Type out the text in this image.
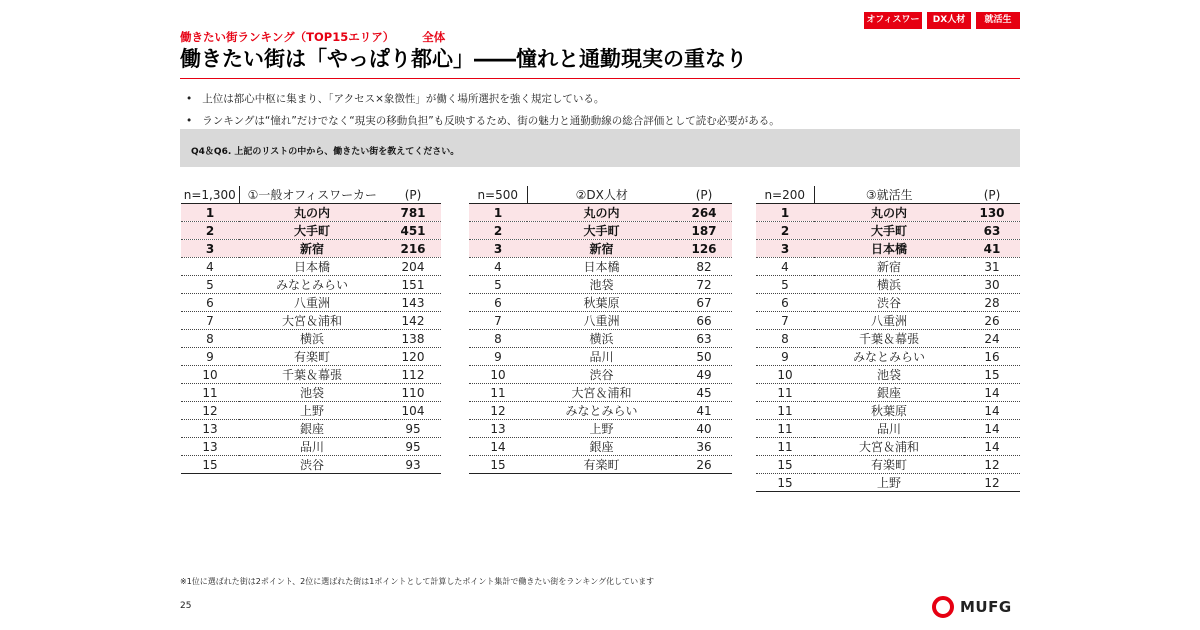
オフィスワーカー
DX人材	就活生
働きたい街ランキング（TOP15エリア） 全体
働きたい街は「やっぱり都心」――憧れと通勤現実の重なり
• 上位は都心中枢に集まり、「アクセス×象徴性」が働く場所選択を強く規定している。
• ランキングは“憧れ”だけでなく“現実の移動負担”も反映するため、街の魅力と通勤動線の総合評価として読む必要がある。
Q4＆Q6. 上記のリストの中から、働きたい街を教えてください。
n=1,300	①一般オフィスワーカー	(P)
1	丸の内	781
2	大手町	451
3	新宿	216
4	日本橋	204
5	みなとみらい	151
6	八重洲	143
7	大宮＆浦和	142
8	横浜	138
9	有楽町	120
10	千葉＆幕張	112
11	池袋	110
12	上野	104
13	銀座	95
13	品川	95
15	渋谷	93
n=500	②DX人材	(P)
1	丸の内	264
2	大手町	187
3	新宿	126
4	日本橋	82
5	池袋	72
6	秋葉原	67
7	八重洲	66
8	横浜	63
9	品川	50
10	渋谷	49
11	大宮＆浦和	45
12	みなとみらい	41
13	上野	40
14	銀座	36
15	有楽町	26
n=200	③就活生	(P)
1	丸の内	130
2	大手町	63
3	日本橋	41
4	新宿	31
5	横浜	30
6	渋谷	28
7	八重洲	26
8	千葉＆幕張	24
9	みなとみらい	16
10	池袋	15
11	銀座	14
11	秋葉原	14
11	品川	14
11	大宮＆浦和	14
15	有楽町	12
15	上野	12
※1位に選ばれた街は2ポイント、2位に選ばれた街は1ポイントとして計算したポイント集計で働きたい街をランキング化しています
25	MUFG
